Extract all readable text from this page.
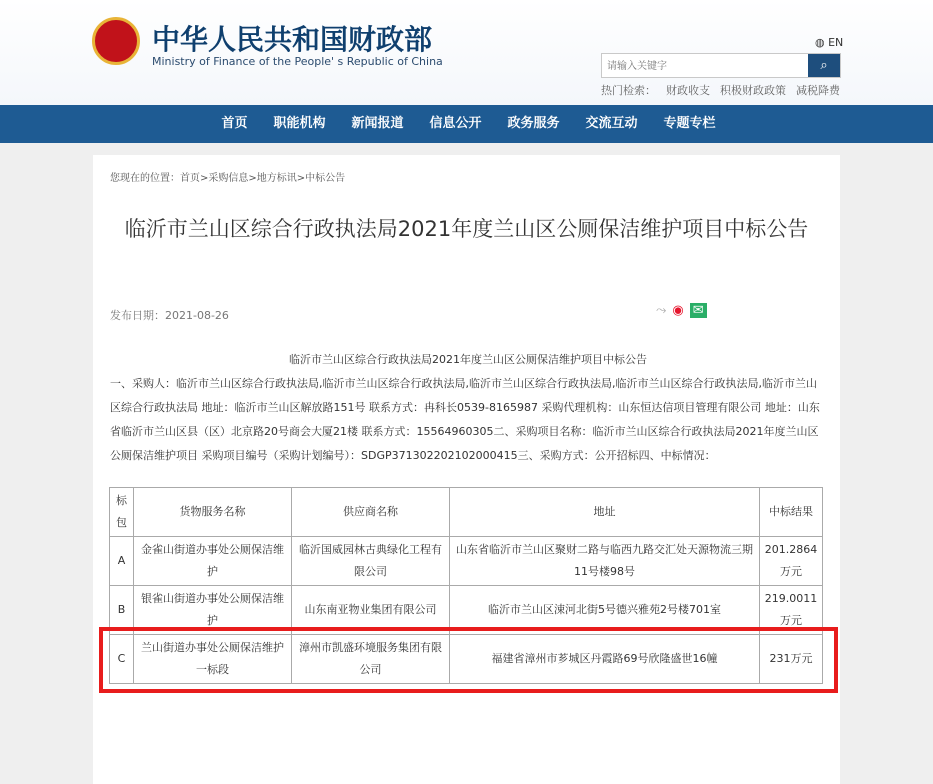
中华人民共和国财政部
Ministry of Finance of the People' s Republic of China
◍ EN
请输入关键字
⌕
热门检索： 财政收支 积极财政政策 减税降费
首页	职能机构	新闻报道	信息公开	政务服务	交流互动	专题专栏
您现在的位置：首页>采购信息>地方标讯>中标公告
临沂市兰山区综合行政执法局2021年度兰山区公厕保洁维护项目中标公告
发布日期：2021-08-26	⤳ ◉ ✉
临沂市兰山区综合行政执法局2021年度兰山区公厕保洁维护项目中标公告
一、采购人：临沂市兰山区综合行政执法局,临沂市兰山区综合行政执法局,临沂市兰山区综合行政执法局,临沂市兰山区综合行政执法局,临沂市兰山区综合行政执法局 地址：临沂市兰山区解放路151号 联系方式：冉科长0539-8165987 采购代理机构：山东恒达信项目管理有限公司 地址：山东省临沂市兰山区县（区）北京路20号商会大厦21楼 联系方式：15564960305二、采购项目名称：临沂市兰山区综合行政执法局2021年度兰山区公厕保洁维护项目 采购项目编号（采购计划编号）：SDGP371302202102000415三、采购方式：公开招标四、中标情况：
标包	货物服务名称	供应商名称	地址	中标结果
A	金雀山街道办事处公厕保洁维护	临沂国威园林古典绿化工程有限公司	山东省临沂市兰山区聚财二路与临西九路交汇处天源物流三期11号楼98号	201.2864万元
B	银雀山街道办事处公厕保洁维护	山东南亚物业集团有限公司	临沂市兰山区涑河北街5号德兴雅苑2号楼701室	219.0011万元
C	兰山街道办事处公厕保洁维护一标段	漳州市凯盛环境服务集团有限公司	福建省漳州市芗城区丹霞路69号欣隆盛世16幢	231万元
